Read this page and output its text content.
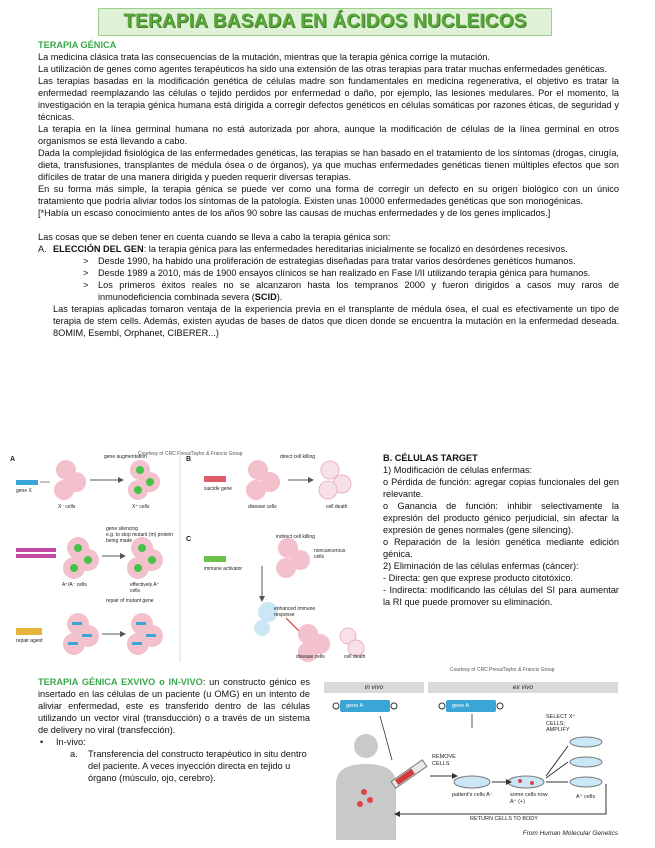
TERAPIA BASADA EN ÁCIDOS NUCLEICOS
TERAPIA GÉNICA
La medicina clásica trata las consecuencias de la mutación, mientras que la terapia génica corrige la mutación.
La utilización de genes como agentes terapéuticos ha sido una extensión de las otras terapias para tratar muchas enfermedades genéticas.
Las terapias basadas en la modificación genética de células madre son fundamentales en medicina regenerativa, el objetivo es tratar la enfermedad reemplazando las células o tejido perdidos por enfermedad o daño, por ejemplo, las lesiones medulares. Por el momento, la investigación en la terapia génica humana está dirigida a corregir defectos genéticos en células somáticas por razones éticas, de seguridad y técnicas.
La terapia en la línea germinal humana no está autorizada por ahora, aunque la modificación de células de la línea germinal en otros organismos se está llevando a cabo.
Dada la complejidad fisiológica de las enfermedades genéticas, las terapias se han basado en el tratamiento de los síntomas (drogas, cirugía, dieta, transfusiones, transplantes de médula ósea o de órganos), ya que muchas enfermedades genéticas tienen múltiples efectos que son difíciles de tratar de una manera dirigida y pueden requerir diversas terapias.
En su forma más simple, la terapia génica se puede ver como una forma de corregir un defecto en su origen biológico con un único tratamiento que podría aliviar todos los síntomas de la patología. Existen unas 10000 enfermedades genéticas que son monogénicas.
[*Había un escaso conocimiento antes de los años 90 sobre las causas de muchas enfermedades y de los genes implicados.]
Las cosas que se deben tener en cuenta cuando se lleva a cabo la terapia génica son:
A. ELECCIÓN DEL GEN: la terapia génica para las enfermedades hereditarias inicialmente se focalizó en desórdenes recesivos.
>	Desde 1990, ha habido una proliferación de estrategias diseñadas para tratar varios desórdenes genéticos humanos.
>	Desde 1989 a 2010, más de 1900 ensayos clínicos se han realizado en Fase I/II utilizando terapia génica para humanos.
>	Los primeros éxitos reales no se alcanzaron hasta los tempranos 2000 y fueron dirigidos a casos muy raros de inmunodeficiencia combinada severa (SCID).
Las terapias aplicadas tomaron ventaja de la experiencia previa en el transplante de médula ósea, el cual es efectivamente un tipo de terapia de stem cells. Además, existen ayudas de bases de datos que dicen donde se encuentra la mutación en la enfermedad deseada. 8OMIM, Esembl, Orphanet, CIBERER...)
Courtesy of CRC Press/Taylor & Francis Group
A	B
C
gene augmentation
gene X
X⁻ cells	X⁺ cells
gene silencing
e.g. to stop mutant (m) protein being made
A⁺/A⁻ cells	effectively A⁺ cells
repair of mutant gene
repair agent
direct cell killing
suicide gene
disease cells	cell death
indirect cell killing
immune activator
noncancerous cells
enhanced immune response
disease cells	cell death
B. CÉLULAS TARGET
1) Modificación de células enfermas:
o Pérdida de función: agregar copias funcionales del gen relevante.
o Ganancia de función: inhibir selectivamente la expresión del producto génico perjudicial, sin afectar la expresión de genes normales (gene silencing).
o Reparación de la lesión genética mediante edición génica.
2) Eliminación de las células enfermas (cáncer):
- Directa: gen que exprese producto citotóxico.
- Indirecta: modificando las células del SI para aumentar la RI que puede promover su eliminación.
TERAPIA GÉNICA EXVIVO o IN-VIVO: un constructo génico es insertado en las células de un paciente (u OMG) en un intento de aliviar enfermedad, este es transferido dentro de las células utilizando un vector viral (transducción) o a través de un sistema de delivery no viral (transfección).
•	In-vivo:
a.	Transferencia del constructo terapéutico in situ dentro del paciente. A veces inyección directa en tejido u órgano (músculo, ojo, cerebro).
Courtesy of CRC Press/Taylor & Francis Group
in vivo	ex vivo
gene A	gene A
REMOVE CELLS
patient's cells A⁻	some cells now A⁺ (+)
SELECT X⁺ CELLS; AMPLIFY
A⁺ cells
RETURN CELLS TO BODY
From Human Molecular Genetics
